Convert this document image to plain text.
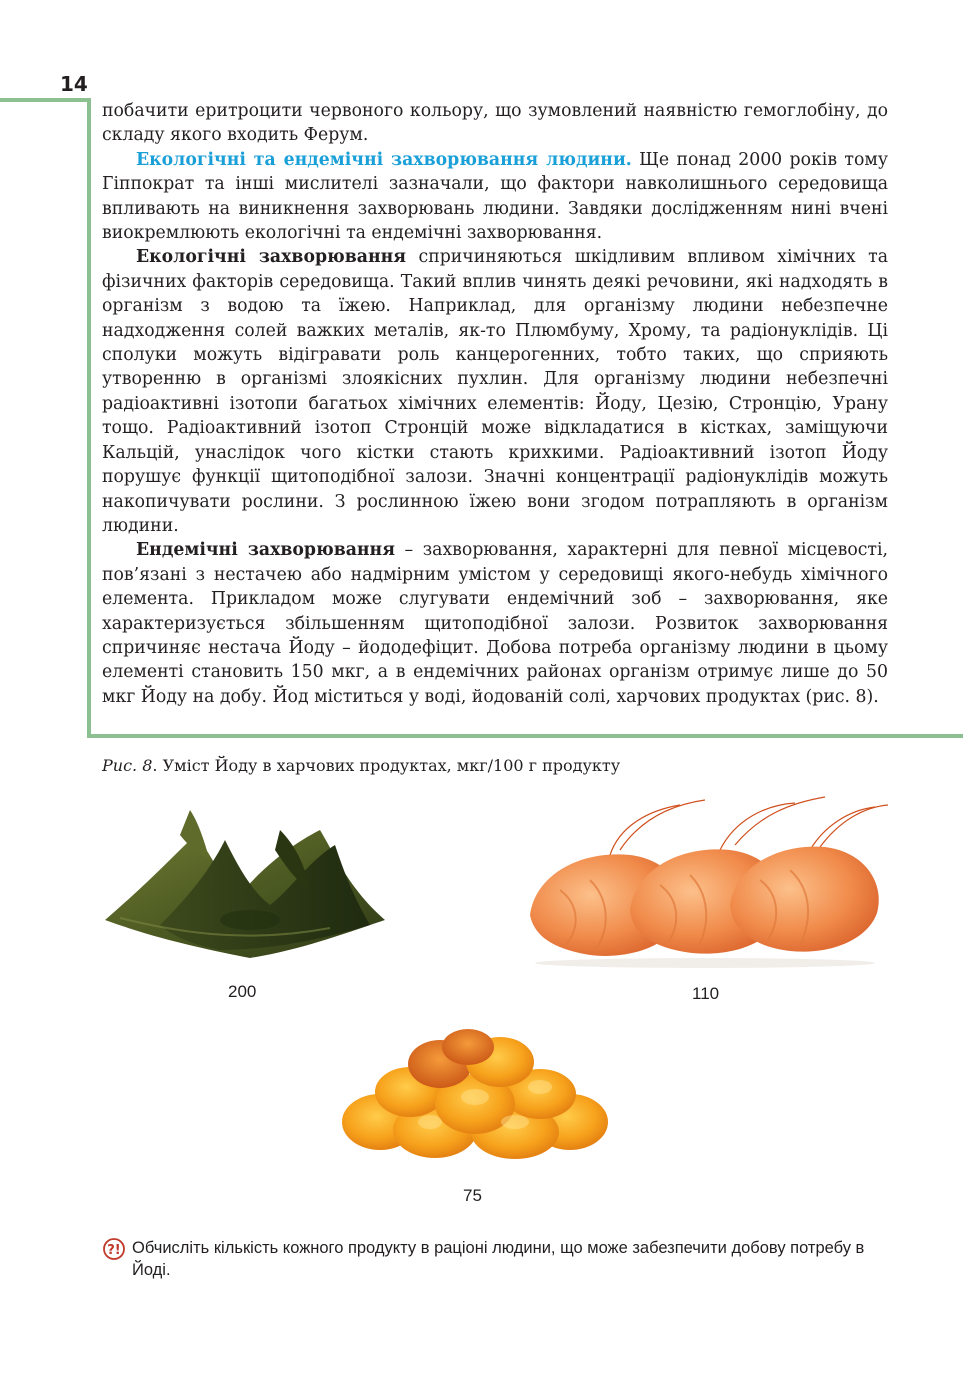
14

побачити еритроцити червоного кольору, що зумовлений наявністю гемоглобіну, до складу якого входить Ферум.

Екологічні та ендемічні захворювання людини. Ще понад 2000 років тому Гіппократ та інші мислителі зазначали, що фактори навколишнього середовища впливають на виникнення захворювань людини. Завдяки дослідженням нині вчені виокремлюють екологічні та ендемічні захворювання.

Екологічні захворювання спричиняються шкідливим впливом хімічних та фізичних факторів середовища. Такий вплив чинять деякі речовини, які надходять в організм з водою та їжею. Наприклад, для організму людини небезпечне надходження солей важких металів, як-то Плюмбуму, Хрому, та радіонуклідів. Ці сполуки можуть відігравати роль канцерогенних, тобто таких, що сприяють утворенню в організмі злоякісних пухлин. Для організму людини небезпечні радіоактивні ізотопи багатьох хімічних елементів: Йоду, Цезію, Стронцію, Урану тощо. Радіоактивний ізотоп Стронцій може відкладатися в кістках, заміщуючи Кальцій, унаслідок чого кістки стають крихкими. Радіоактивний ізотоп Йоду порушує функції щитоподібної залози. Значні концентрації радіонуклідів можуть накопичувати рослини. З рослинною їжею вони згодом потрапляють в організм людини.

Ендемічні захворювання – захворювання, характерні для певної місцевості, пов’язані з нестачею або надмірним умістом у середовищі якого-небудь хімічного елемента. Прикладом може слугувати ендемічний зоб – захворювання, яке характеризується збільшенням щитоподібної залози. Розвиток захворювання спричиняє нестача Йоду – йододефіцит. Добова потреба організму людини в цьому елементі становить 150 мкг, а в ендемічних районах організм отримує лише до 50 мкг Йоду на добу. Йод міститься у воді, йодованій солі, харчових продуктах (рис. 8).

Рис. 8. Уміст Йоду в харчових продуктах, мкг/100 г продукту
200	110
75
?! Обчисліть кількість кожного продукту в раціоні людини, що може забезпечити добову потребу в Йоді.
